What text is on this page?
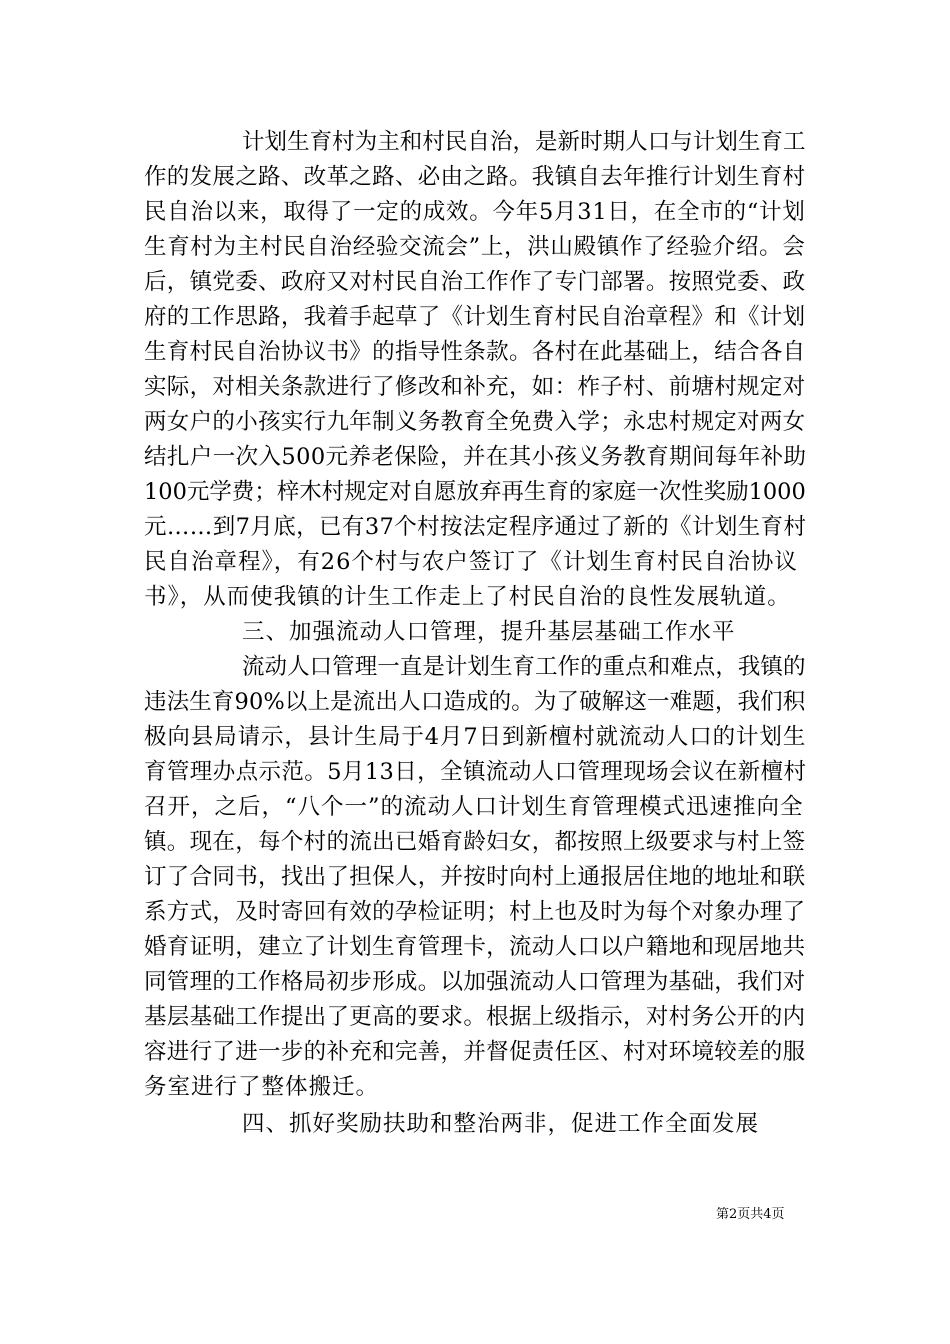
计划生育村为主和村民自治，是新时期人口与计划生育工
作的发展之路、改革之路、必由之路。我镇自去年推行计划生育村
民自治以来，取得了一定的成效。今年5月31日，在全市的“计划
生育村为主村民自治经验交流会”上，洪山殿镇作了经验介绍。会
后，镇党委、政府又对村民自治工作作了专门部署。按照党委、政
府的工作思路，我着手起草了《计划生育村民自治章程》和《计划
生育村民自治协议书》的指导性条款。各村在此基础上，结合各自
实际，对相关条款进行了修改和补充，如：柞子村、前塘村规定对
两女户的小孩实行九年制义务教育全免费入学；永忠村规定对两女
结扎户一次入500元养老保险，并在其小孩义务教育期间每年补助
100元学费；梓木村规定对自愿放弃再生育的家庭一次性奖励1000
元……到7月底，已有37个村按法定程序通过了新的《计划生育村
民自治章程》，有26个村与农户签订了《计划生育村民自治协议
书》，从而使我镇的计生工作走上了村民自治的良性发展轨道。
三、加强流动人口管理，提升基层基础工作水平
流动人口管理一直是计划生育工作的重点和难点，我镇的
违法生育90%以上是流出人口造成的。为了破解这一难题，我们积
极向县局请示，县计生局于4月7日到新檀村就流动人口的计划生
育管理办点示范。5月13日，全镇流动人口管理现场会议在新檀村
召开，之后，“八个一”的流动人口计划生育管理模式迅速推向全
镇。现在，每个村的流出已婚育龄妇女，都按照上级要求与村上签
订了合同书，找出了担保人，并按时向村上通报居住地的地址和联
系方式，及时寄回有效的孕检证明；村上也及时为每个对象办理了
婚育证明，建立了计划生育管理卡，流动人口以户籍地和现居地共
同管理的工作格局初步形成。以加强流动人口管理为基础，我们对
基层基础工作提出了更高的要求。根据上级指示，对村务公开的内
容进行了进一步的补充和完善，并督促责任区、村对环境较差的服
务室进行了整体搬迁。
四、抓好奖励扶助和整治两非，促进工作全面发展
第2页共4页
